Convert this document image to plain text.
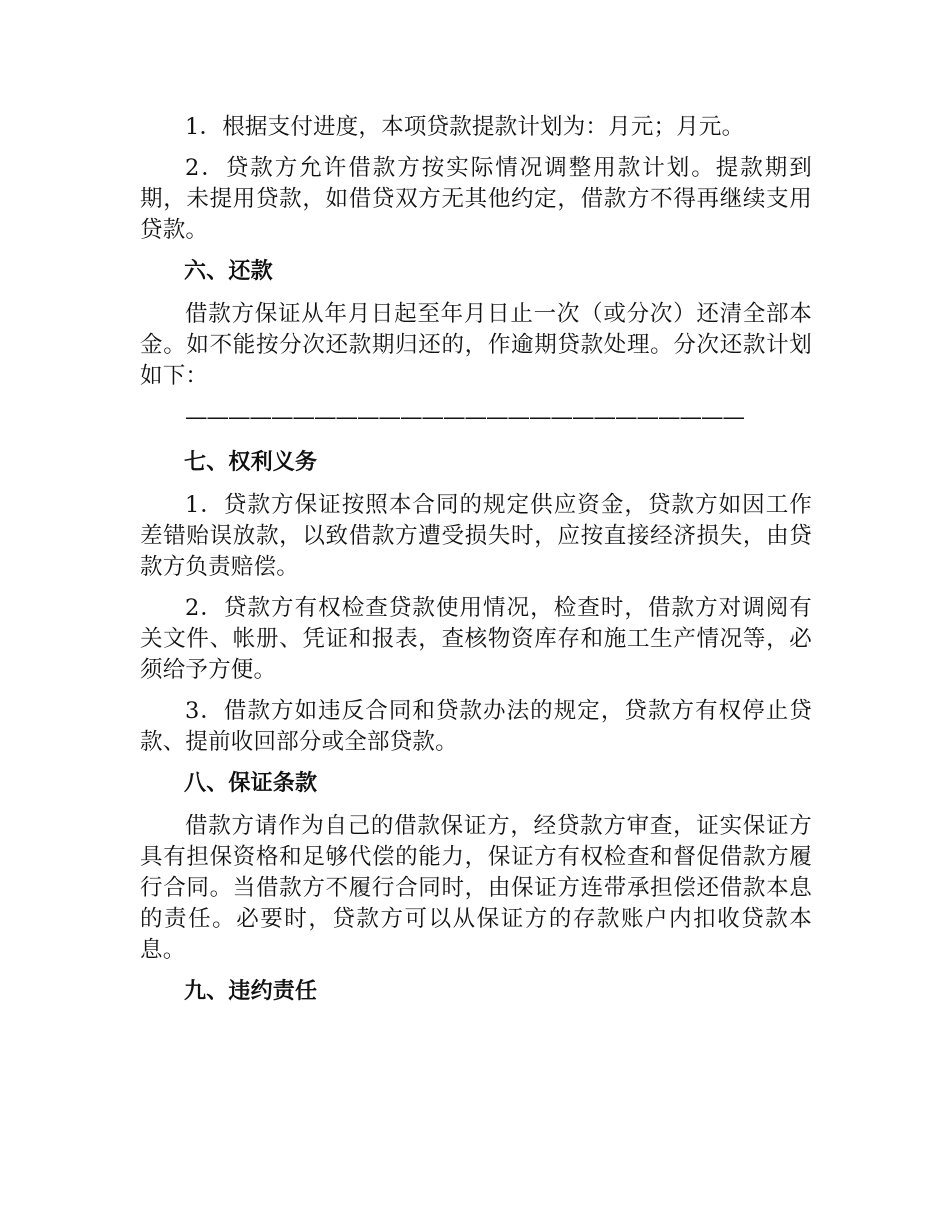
1．根据支付进度，本项贷款提款计划为：月元；月元。

2．贷款方允许借款方按实际情况调整用款计划。提款期到期，未提用贷款，如借贷双方无其他约定，借款方不得再继续支用贷款。

六、还款

借款方保证从年月日起至年月日止一次（或分次）还清全部本金。如不能按分次还款期归还的，作逾期贷款处理。分次还款计划如下：

——————————————————————————

七、权利义务

1．贷款方保证按照本合同的规定供应资金，贷款方如因工作差错贻误放款，以致借款方遭受损失时，应按直接经济损失，由贷款方负责赔偿。

2．贷款方有权检查贷款使用情况，检查时，借款方对调阅有关文件、帐册、凭证和报表，查核物资库存和施工生产情况等，必须给予方便。

3．借款方如违反合同和贷款办法的规定，贷款方有权停止贷款、提前收回部分或全部贷款。

八、保证条款

借款方请作为自己的借款保证方，经贷款方审查，证实保证方具有担保资格和足够代偿的能力，保证方有权检查和督促借款方履行合同。当借款方不履行合同时，由保证方连带承担偿还借款本息的责任。必要时，贷款方可以从保证方的存款账户内扣收贷款本息。

九、违约责任
